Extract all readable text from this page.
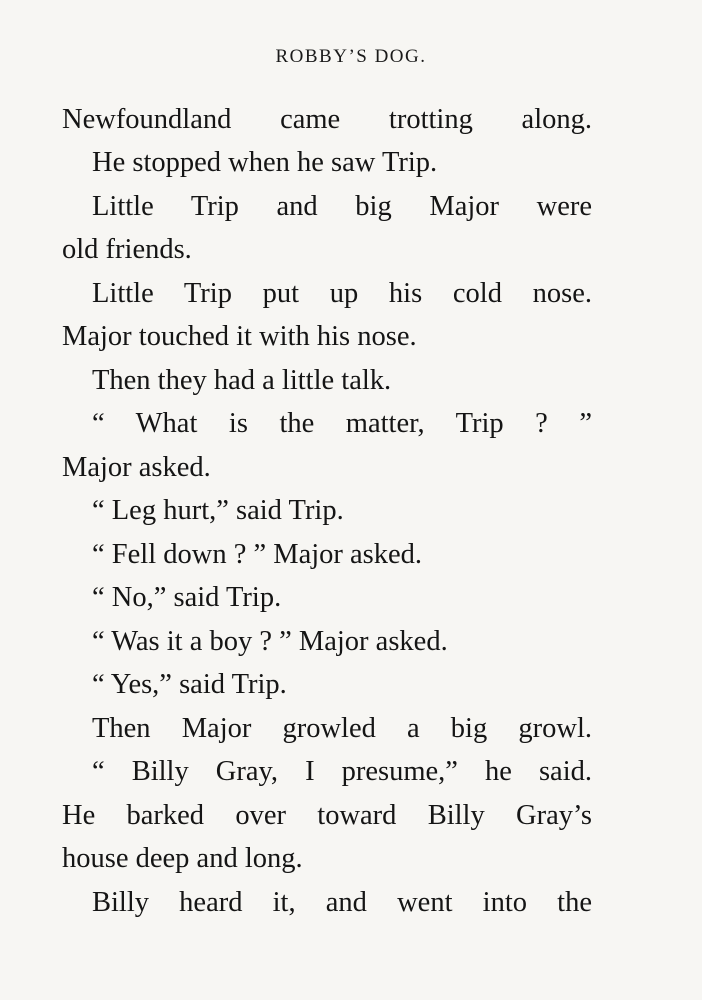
ROBBY’S DOG.
Newfoundland came trotting along.
He stopped when he saw Trip.
Little Trip and big Major were
old friends.
Little Trip put up his cold nose.
Major touched it with his nose.
Then they had a little talk.
“ What is the matter, Trip ? ”
Major asked.
“ Leg hurt,” said Trip.
“ Fell down ? ” Major asked.
“ No,” said Trip.
“ Was it a boy ? ” Major asked.
“ Yes,” said Trip.
Then Major growled a big growl.
“ Billy Gray, I presume,” he said.
He barked over toward Billy Gray’s
house deep and long.
Billy heard it, and went into the
